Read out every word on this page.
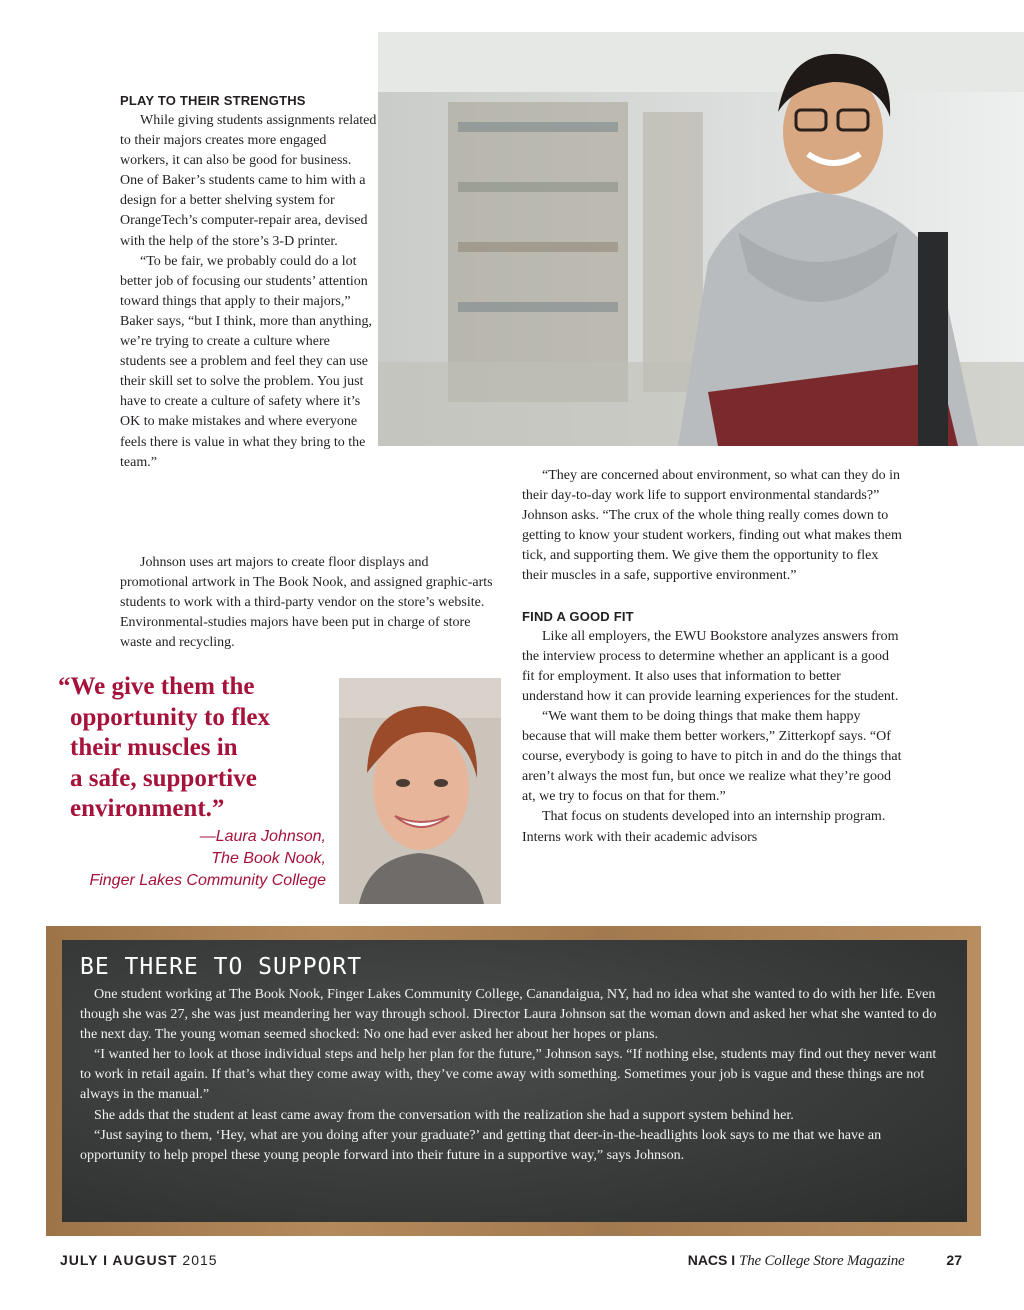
PLAY TO THEIR STRENGTHS

While giving students assignments related to their majors creates more engaged workers, it can also be good for business. One of Baker’s students came to him with a design for a better shelving system for OrangeTech’s computer-repair area, devised with the help of the store’s 3-D printer.

“To be fair, we probably could do a lot better job of focusing our students’ attention toward things that apply to their majors,” Baker says, “but I think, more than anything, we’re trying to create a culture where students see a problem and feel they can use their skill set to solve the problem. You just have to create a culture of safety where it’s OK to make mistakes and where everyone feels there is value in what they bring to the team.”

Johnson uses art majors to create floor displays and promotional artwork in The Book Nook, and assigned graphic-arts students to work with a third-party vendor on the store’s website. Environmental-studies majors have been put in charge of store waste and recycling.

“We give them the
opportunity to flex
their muscles in
a safe, supportive
environment.”
—Laura Johnson,
The Book Nook,
Finger Lakes Community College

“They are concerned about environment, so what can they do in their day-to-day work life to support environmental standards?” Johnson asks. “The crux of the whole thing really comes down to getting to know your student workers, finding out what makes them tick, and supporting them. We give them the opportunity to flex their muscles in a safe, supportive environment.”

FIND A GOOD FIT

Like all employers, the EWU Bookstore analyzes answers from the interview process to determine whether an applicant is a good fit for employment. It also uses that information to better understand how it can provide learning experiences for the student.

“We want them to be doing things that make them happy because that will make them better workers,” Zitterkopf says. “Of course, everybody is going to have to pitch in and do the things that aren’t always the most fun, but once we realize what they’re good at, we try to focus on that for them.”

That focus on students developed into an internship program. Interns work with their academic advisors

BE THERE TO SUPPORT

One student working at The Book Nook, Finger Lakes Community College, Canandaigua, NY, had no idea what she wanted to do with her life. Even though she was 27, she was just meandering her way through school. Director Laura Johnson sat the woman down and asked her what she wanted to do the next day. The young woman seemed shocked: No one had ever asked her about her hopes or plans.

“I wanted her to look at those individual steps and help her plan for the future,” Johnson says. “If nothing else, students may find out they never want to work in retail again. If that’s what they come away with, they’ve come away with something. Sometimes your job is vague and these things are not always in the manual.”

She adds that the student at least came away from the conversation with the realization she had a support system behind her.

“Just saying to them, ‘Hey, what are you doing after your graduate?’ and getting that deer-in-the-headlights look says to me that we have an opportunity to help propel these young people forward into their future in a supportive way,” says Johnson.

JULY I AUGUST 2015	NACS I The College Store Magazine	27
